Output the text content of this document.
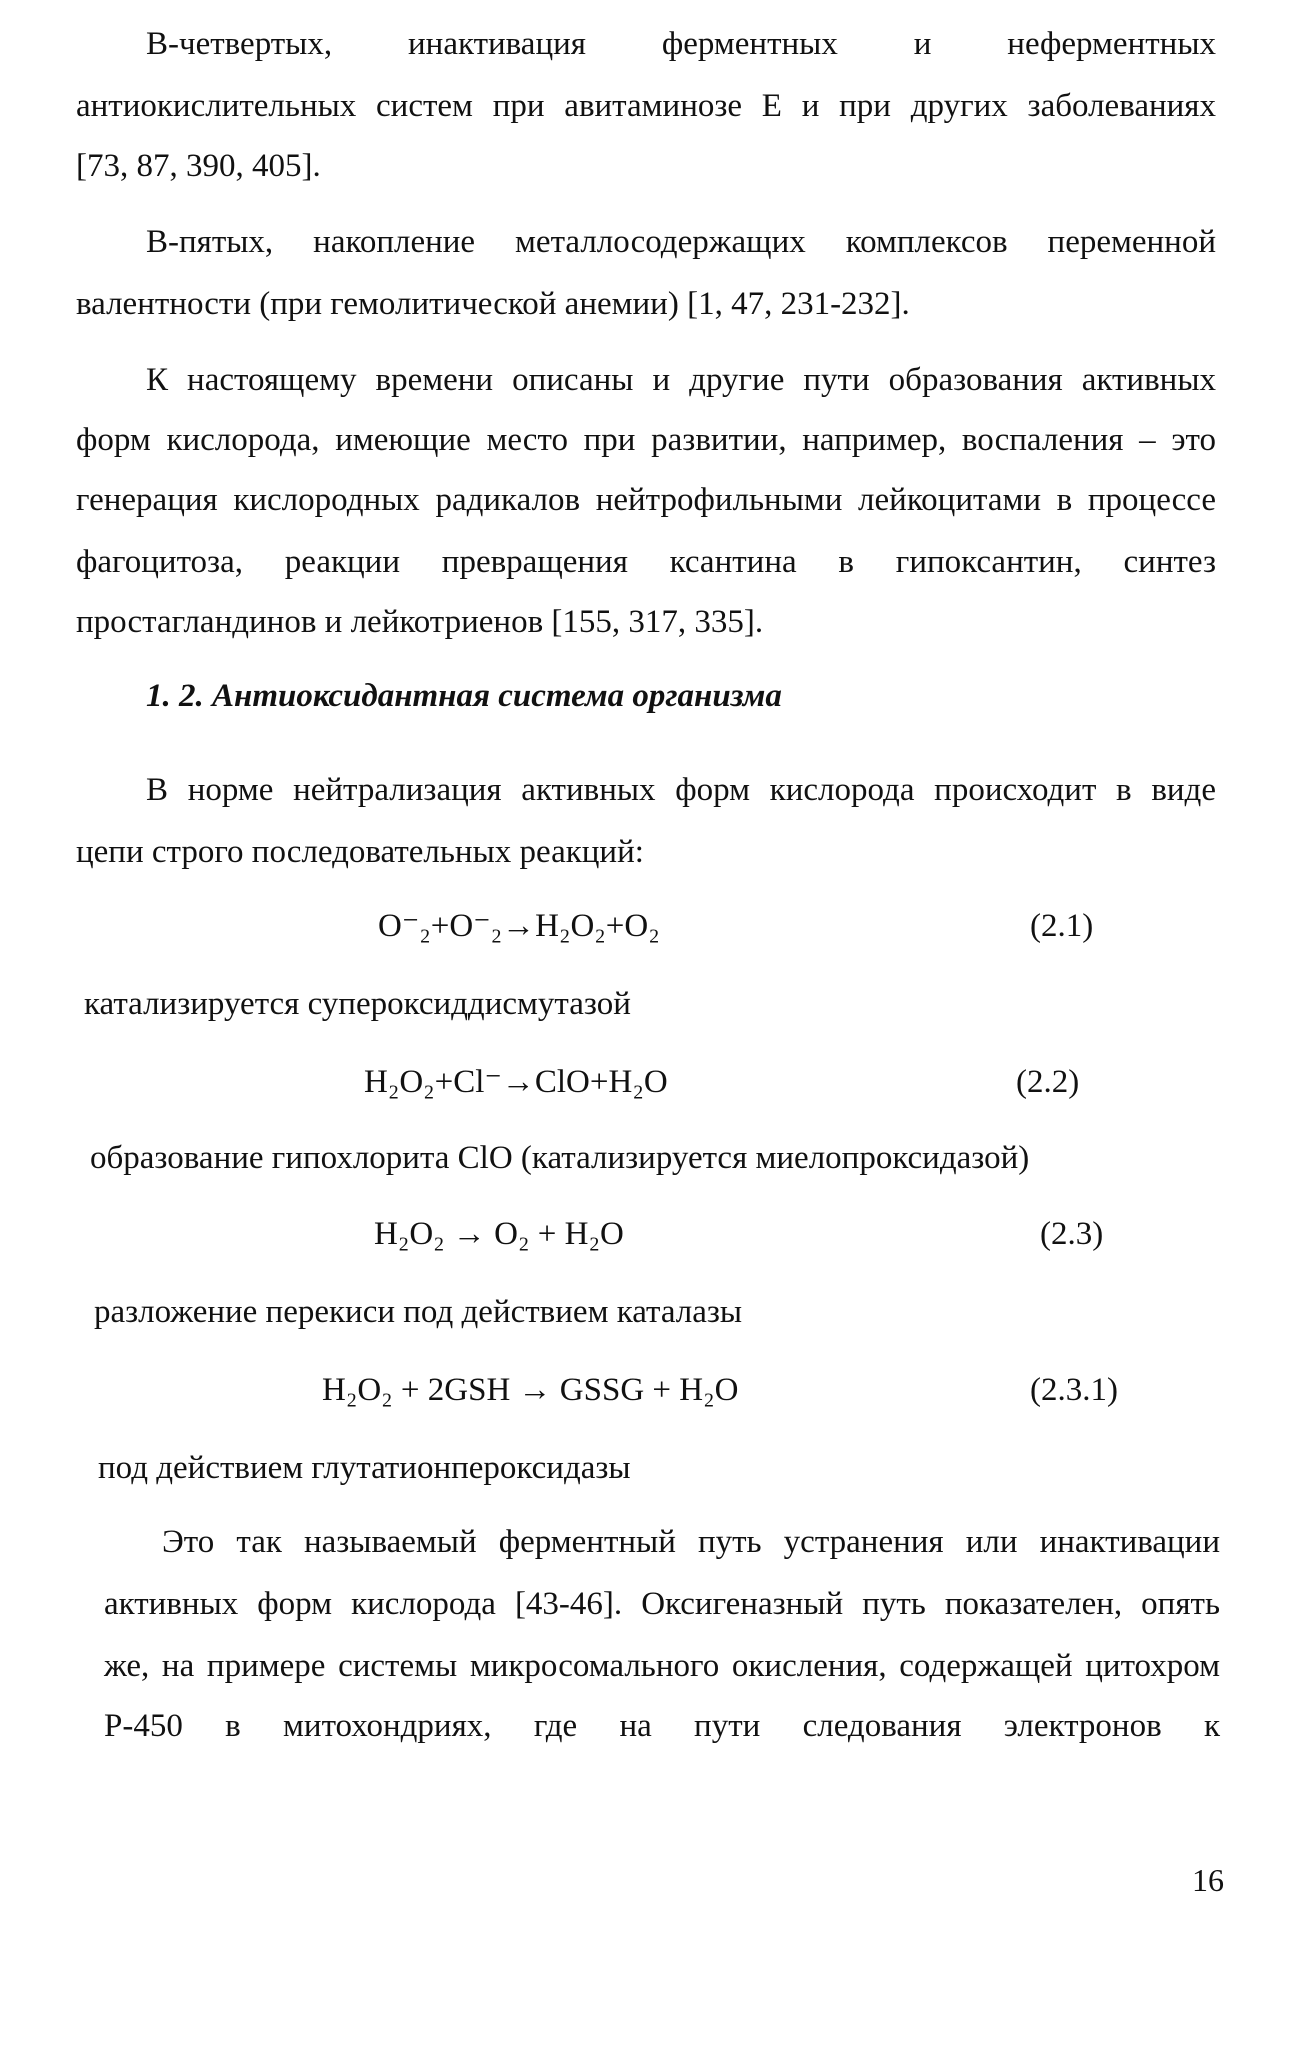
В-четвертых, инактивация ферментных и неферментных
антиокислительных систем при авитаминозе Е и при других заболеваниях
[73, 87, 390, 405].
В-пятых, накопление металлосодержащих комплексов переменной
валентности (при гемолитической анемии) [1, 47, 231-232].
К настоящему времени описаны и другие пути образования активных
форм кислорода, имеющие место при развитии, например, воспаления – это
генерация кислородных радикалов нейтрофильными лейкоцитами в процессе
фагоцитоза, реакции превращения ксантина в гипоксантин, синтез
простагландинов и лейкотриенов [155, 317, 335].
1. 2. Антиоксидантная система организма
В норме нейтрализация активных форм кислорода происходит в виде
цепи строго последовательных реакций:
O⁻₂+O⁻₂→H₂O₂+O₂	(2.1)
катализируется супероксиддисмутазой
H₂O₂+Cl⁻→ClO+H₂O	(2.2)
образование гипохлорита ClO (катализируется миелопроксидазой)
H₂O₂ → O₂ + H₂O	(2.3)
разложение перекиси под действием каталазы
H₂O₂ + 2GSH → GSSG + H₂O	(2.3.1)
под действием глутатионпероксидазы
Это так называемый ферментный путь устранения или инактивации
активных форм кислорода [43-46]. Оксигеназный путь показателен, опять
же, на примере системы микросомального окисления, содержащей цитохром
Р-450 в митохондриях, где на пути следования электронов к
16
